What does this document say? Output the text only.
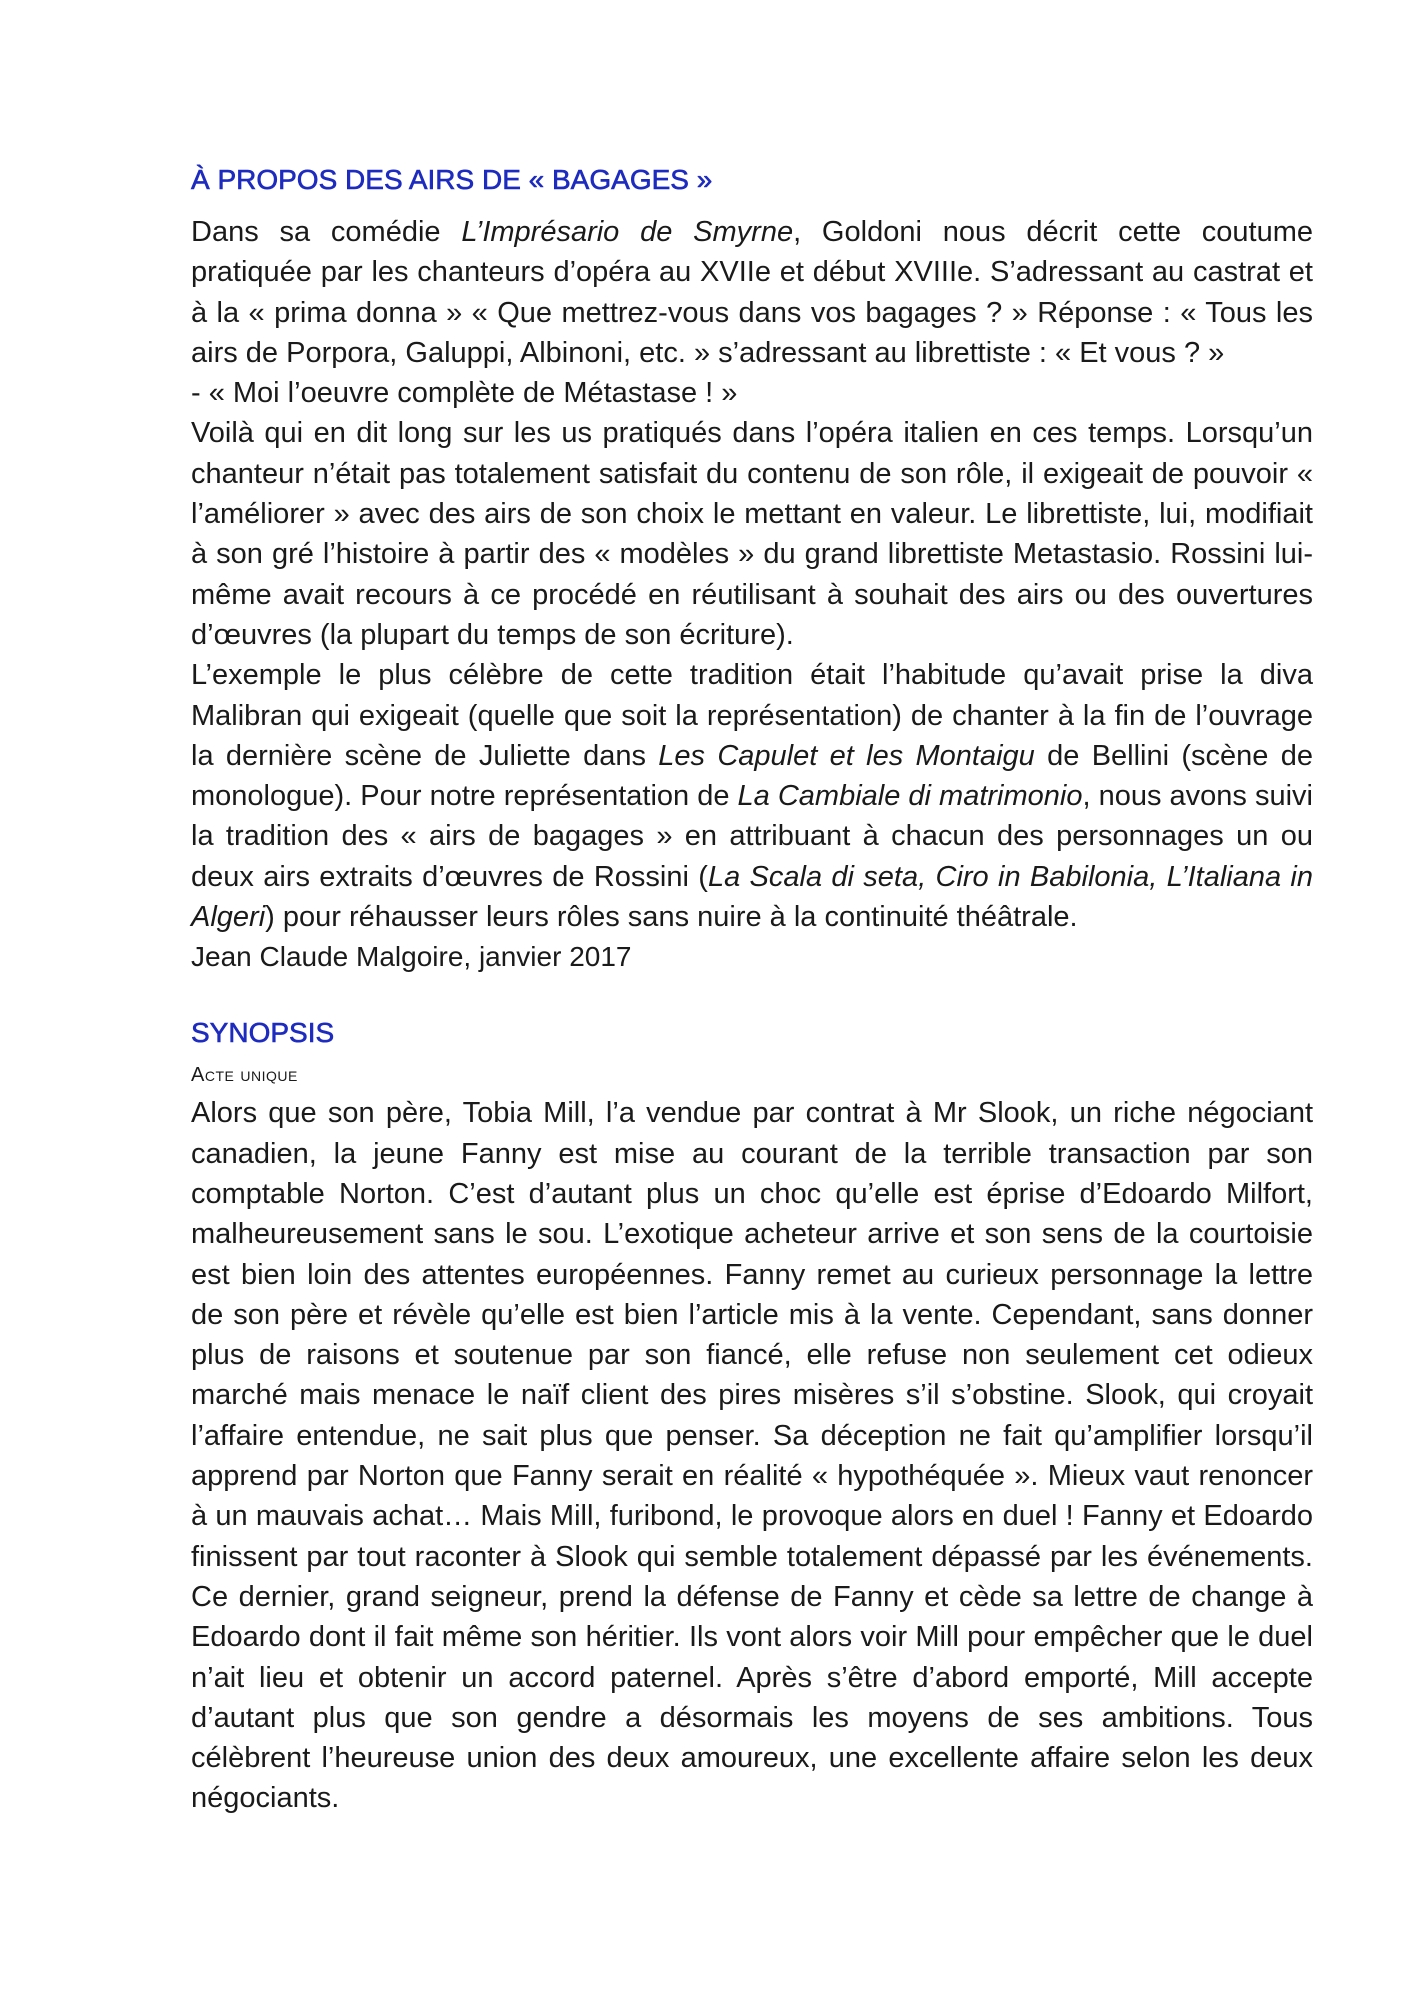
À PROPOS DES AIRS DE « BAGAGES »

Dans sa comédie L’Imprésario de Smyrne, Goldoni nous décrit cette coutume pratiquée par les chanteurs d’opéra au XVIIe et début XVIIIe. S’adressant au castrat et à la « prima donna » « Que mettrez-vous dans vos bagages ? » Réponse : « Tous les airs de Porpora, Galuppi, Albinoni, etc. » s’adressant au librettiste : « Et vous ? »

- « Moi l’oeuvre complète de Métastase ! »

Voilà qui en dit long sur les us pratiqués dans l’opéra italien en ces temps. Lorsqu’un chanteur n’était pas totalement satisfait du contenu de son rôle, il exigeait de pouvoir « l’améliorer » avec des airs de son choix le mettant en valeur. Le librettiste, lui, modifiait à son gré l’histoire à partir des « modèles » du grand librettiste Metastasio. Rossini lui-même avait recours à ce procédé en réutilisant à souhait des airs ou des ouvertures d’œuvres (la plupart du temps de son écriture).

L’exemple le plus célèbre de cette tradition était l’habitude qu’avait prise la diva Malibran qui exigeait (quelle que soit la représentation) de chanter à la fin de l’ouvrage la dernière scène de Juliette dans Les Capulet et les Montaigu de Bellini (scène de monologue). Pour notre représentation de La Cambiale di matrimonio, nous avons suivi la tradition des « airs de bagages » en attribuant à chacun des personnages un ou deux airs extraits d’œuvres de Rossini (La Scala di seta, Ciro in Babilonia, L’Italiana in Algeri) pour réhausser leurs rôles sans nuire à la continuité théâtrale.

Jean Claude Malgoire, janvier 2017

SYNOPSIS

Acte unique

Alors que son père, Tobia Mill, l’a vendue par contrat à Mr Slook, un riche négociant canadien, la jeune Fanny est mise au courant de la terrible transaction par son comptable Norton. C’est d’autant plus un choc qu’elle est éprise d’Edoardo Milfort, malheureusement sans le sou. L’exotique acheteur arrive et son sens de la courtoisie est bien loin des attentes européennes. Fanny remet au curieux personnage la lettre de son père et révèle qu’elle est bien l’article mis à la vente. Cependant, sans donner plus de raisons et soutenue par son fiancé, elle refuse non seulement cet odieux marché mais menace le naïf client des pires misères s’il s’obstine. Slook, qui croyait l’affaire entendue, ne sait plus que penser. Sa déception ne fait qu’amplifier lorsqu’il apprend par Norton que Fanny serait en réalité « hypothéquée ». Mieux vaut renoncer à un mauvais achat… Mais Mill, furibond, le provoque alors en duel ! Fanny et Edoardo finissent par tout raconter à Slook qui semble totalement dépassé par les événements. Ce dernier, grand seigneur, prend la défense de Fanny et cède sa lettre de change à Edoardo dont il fait même son héritier. Ils vont alors voir Mill pour empêcher que le duel n’ait lieu et obtenir un accord paternel. Après s’être d’abord emporté, Mill accepte d’autant plus que son gendre a désormais les moyens de ses ambitions. Tous célèbrent l’heureuse union des deux amoureux, une excellente affaire selon les deux négociants.
